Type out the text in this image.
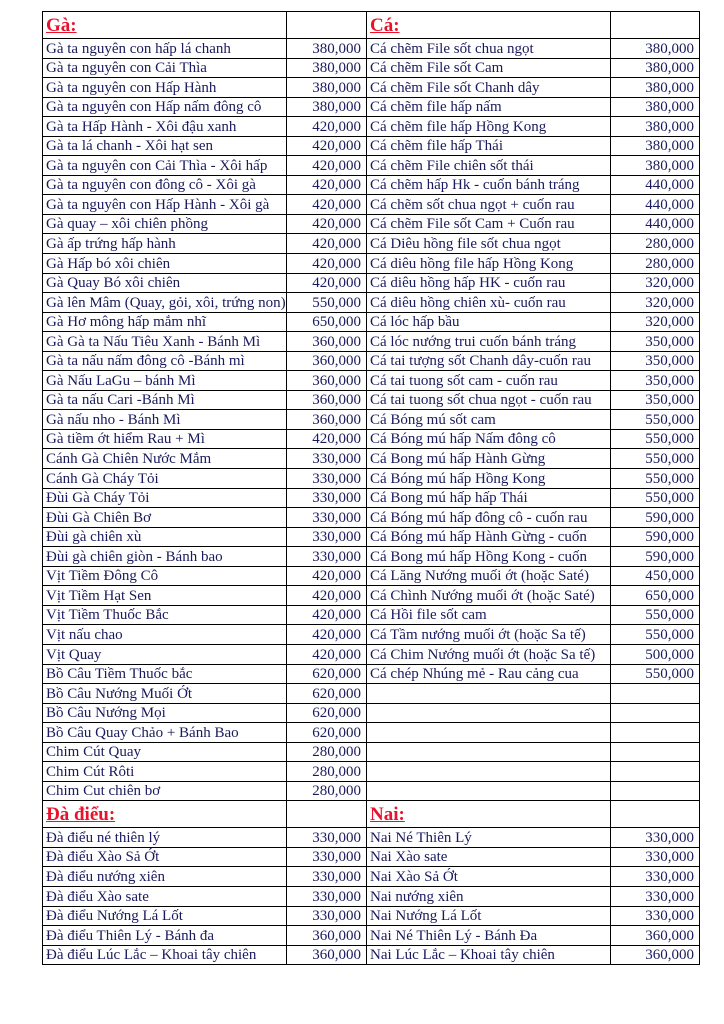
Gà:		Cá:	
Gà ta nguyên con hấp lá chanh	380,000	Cá chẽm File sốt chua ngọt	380,000
Gà ta nguyên con Cải Thìa	380,000	Cá chẽm File sốt Cam	380,000
Gà ta nguyên con Hấp Hành	380,000	Cá chẽm File sốt Chanh dây	380,000
Gà ta nguyên con Hấp nấm đông cô	380,000	Cá chẽm file hấp nấm	380,000
Gà ta Hấp Hành - Xôi đậu xanh	420,000	Cá chẽm file hấp Hồng Kong	380,000
Gà ta lá chanh - Xôi hạt sen	420,000	Cá chẽm file hấp Thái	380,000
Gà ta nguyên con Cải Thìa - Xôi hấp	420,000	Cá chẽm File chiên sốt thái	380,000
Gà ta nguyên con đông cô - Xôi gà	420,000	Cá chẽm hấp Hk - cuốn bánh tráng	440,000
Gà ta nguyên con Hấp Hành - Xôi gà	420,000	Cá chẽm sốt chua ngọt + cuốn rau	440,000
Gà quay – xôi chiên phồng	420,000	Cá chẽm File sốt Cam + Cuốn rau	440,000
Gà ấp trứng hấp hành	420,000	Cá Diêu hồng file sốt chua ngọt	280,000
Gà Hấp bó xôi chiên	420,000	Cá diêu hồng file hấp Hồng Kong	280,000
Gà Quay Bó xôi chiên	420,000	Cá diêu hồng hấp HK - cuốn rau	320,000
Gà lên Mâm (Quay, gỏi, xôi, trứng non)	550,000	Cá diêu hồng chiên xù- cuốn rau	320,000
Gà Hơ mông hấp mắm nhĩ	650,000	Cá lóc hấp bầu	320,000
Gà Gà ta Nấu Tiêu Xanh - Bánh Mì	360,000	Cá lóc nướng trui cuốn bánh tráng	350,000
Gà ta nấu nấm đông cô -Bánh mì	360,000	Cá tai tượng sốt Chanh dây-cuốn rau	350,000
Gà Nấu LaGu – bánh Mì	360,000	Cá tai tuong sốt cam - cuốn rau	350,000
Gà ta nấu Cari -Bánh Mì	360,000	Cá tai tuong sốt chua ngọt - cuốn rau	350,000
Gà nấu nho - Bánh Mì	360,000	Cá Bóng mú sốt cam	550,000
Gà tiềm ớt hiểm Rau + Mì	420,000	Cá Bóng mú hấp Nấm đông cô	550,000
Cánh Gà Chiên Nước Mắm	330,000	Cá Bong mú hấp Hành Gừng	550,000
Cánh Gà Cháy Tỏi	330,000	Cá Bóng mú hấp Hồng Kong	550,000
Đùi Gà Cháy Tỏi	330,000	Cá Bong mú hấp hấp Thái	550,000
Đùi Gà Chiên Bơ	330,000	Cá Bóng mú hấp đông cô - cuốn rau	590,000
Đùi gà chiên xù	330,000	Cá Bóng mú hấp Hành Gừng - cuốn	590,000
Đùi gà chiên giòn - Bánh bao	330,000	Cá Bong mú hấp Hồng Kong - cuốn	590,000
Vịt Tiềm Đông Cô	420,000	Cá Lăng Nướng muối ớt (hoặc Saté)	450,000
Vịt Tiềm Hạt Sen	420,000	Cá Chình Nướng muối ớt (hoặc Saté)	650,000
Vịt Tiềm Thuốc Bắc	420,000	Cá Hồi file sốt cam	550,000
Vịt nấu chao	420,000	Cá Tầm nướng muối ớt (hoặc Sa tế)	550,000
Vịt Quay	420,000	Cá Chim Nướng muối ớt (hoặc Sa tế)	500,000
Bồ Câu Tiềm Thuốc bắc	620,000	Cá chép Nhúng mẻ - Rau cảng cua	550,000
Bồ Câu Nướng Muối Ớt	620,000		
Bồ Câu Nướng Mọi	620,000		
Bồ Câu Quay Chảo + Bánh Bao	620,000		
Chim Cút Quay	280,000		
Chim Cút Rôti	280,000		
Chim Cut chiên bơ	280,000		
Đà điểu:		Nai:	
Đà điểu né thiên lý	330,000	Nai Né Thiên Lý	330,000
Đà điểu Xào Sả Ớt	330,000	Nai Xào sate	330,000
Đà điểu nướng xiên	330,000	Nai Xào Sả Ớt	330,000
Đà điểu Xào sate	330,000	Nai nướng xiên	330,000
Đà điểu Nướng Lá Lốt	330,000	Nai Nướng Lá Lốt	330,000
Đà điểu Thiên Lý - Bánh đa	360,000	Nai Né Thiên Lý - Bánh Đa	360,000
Đà điểu Lúc Lắc – Khoai tây chiên	360,000	Nai Lúc Lắc – Khoai tây chiên	360,000
